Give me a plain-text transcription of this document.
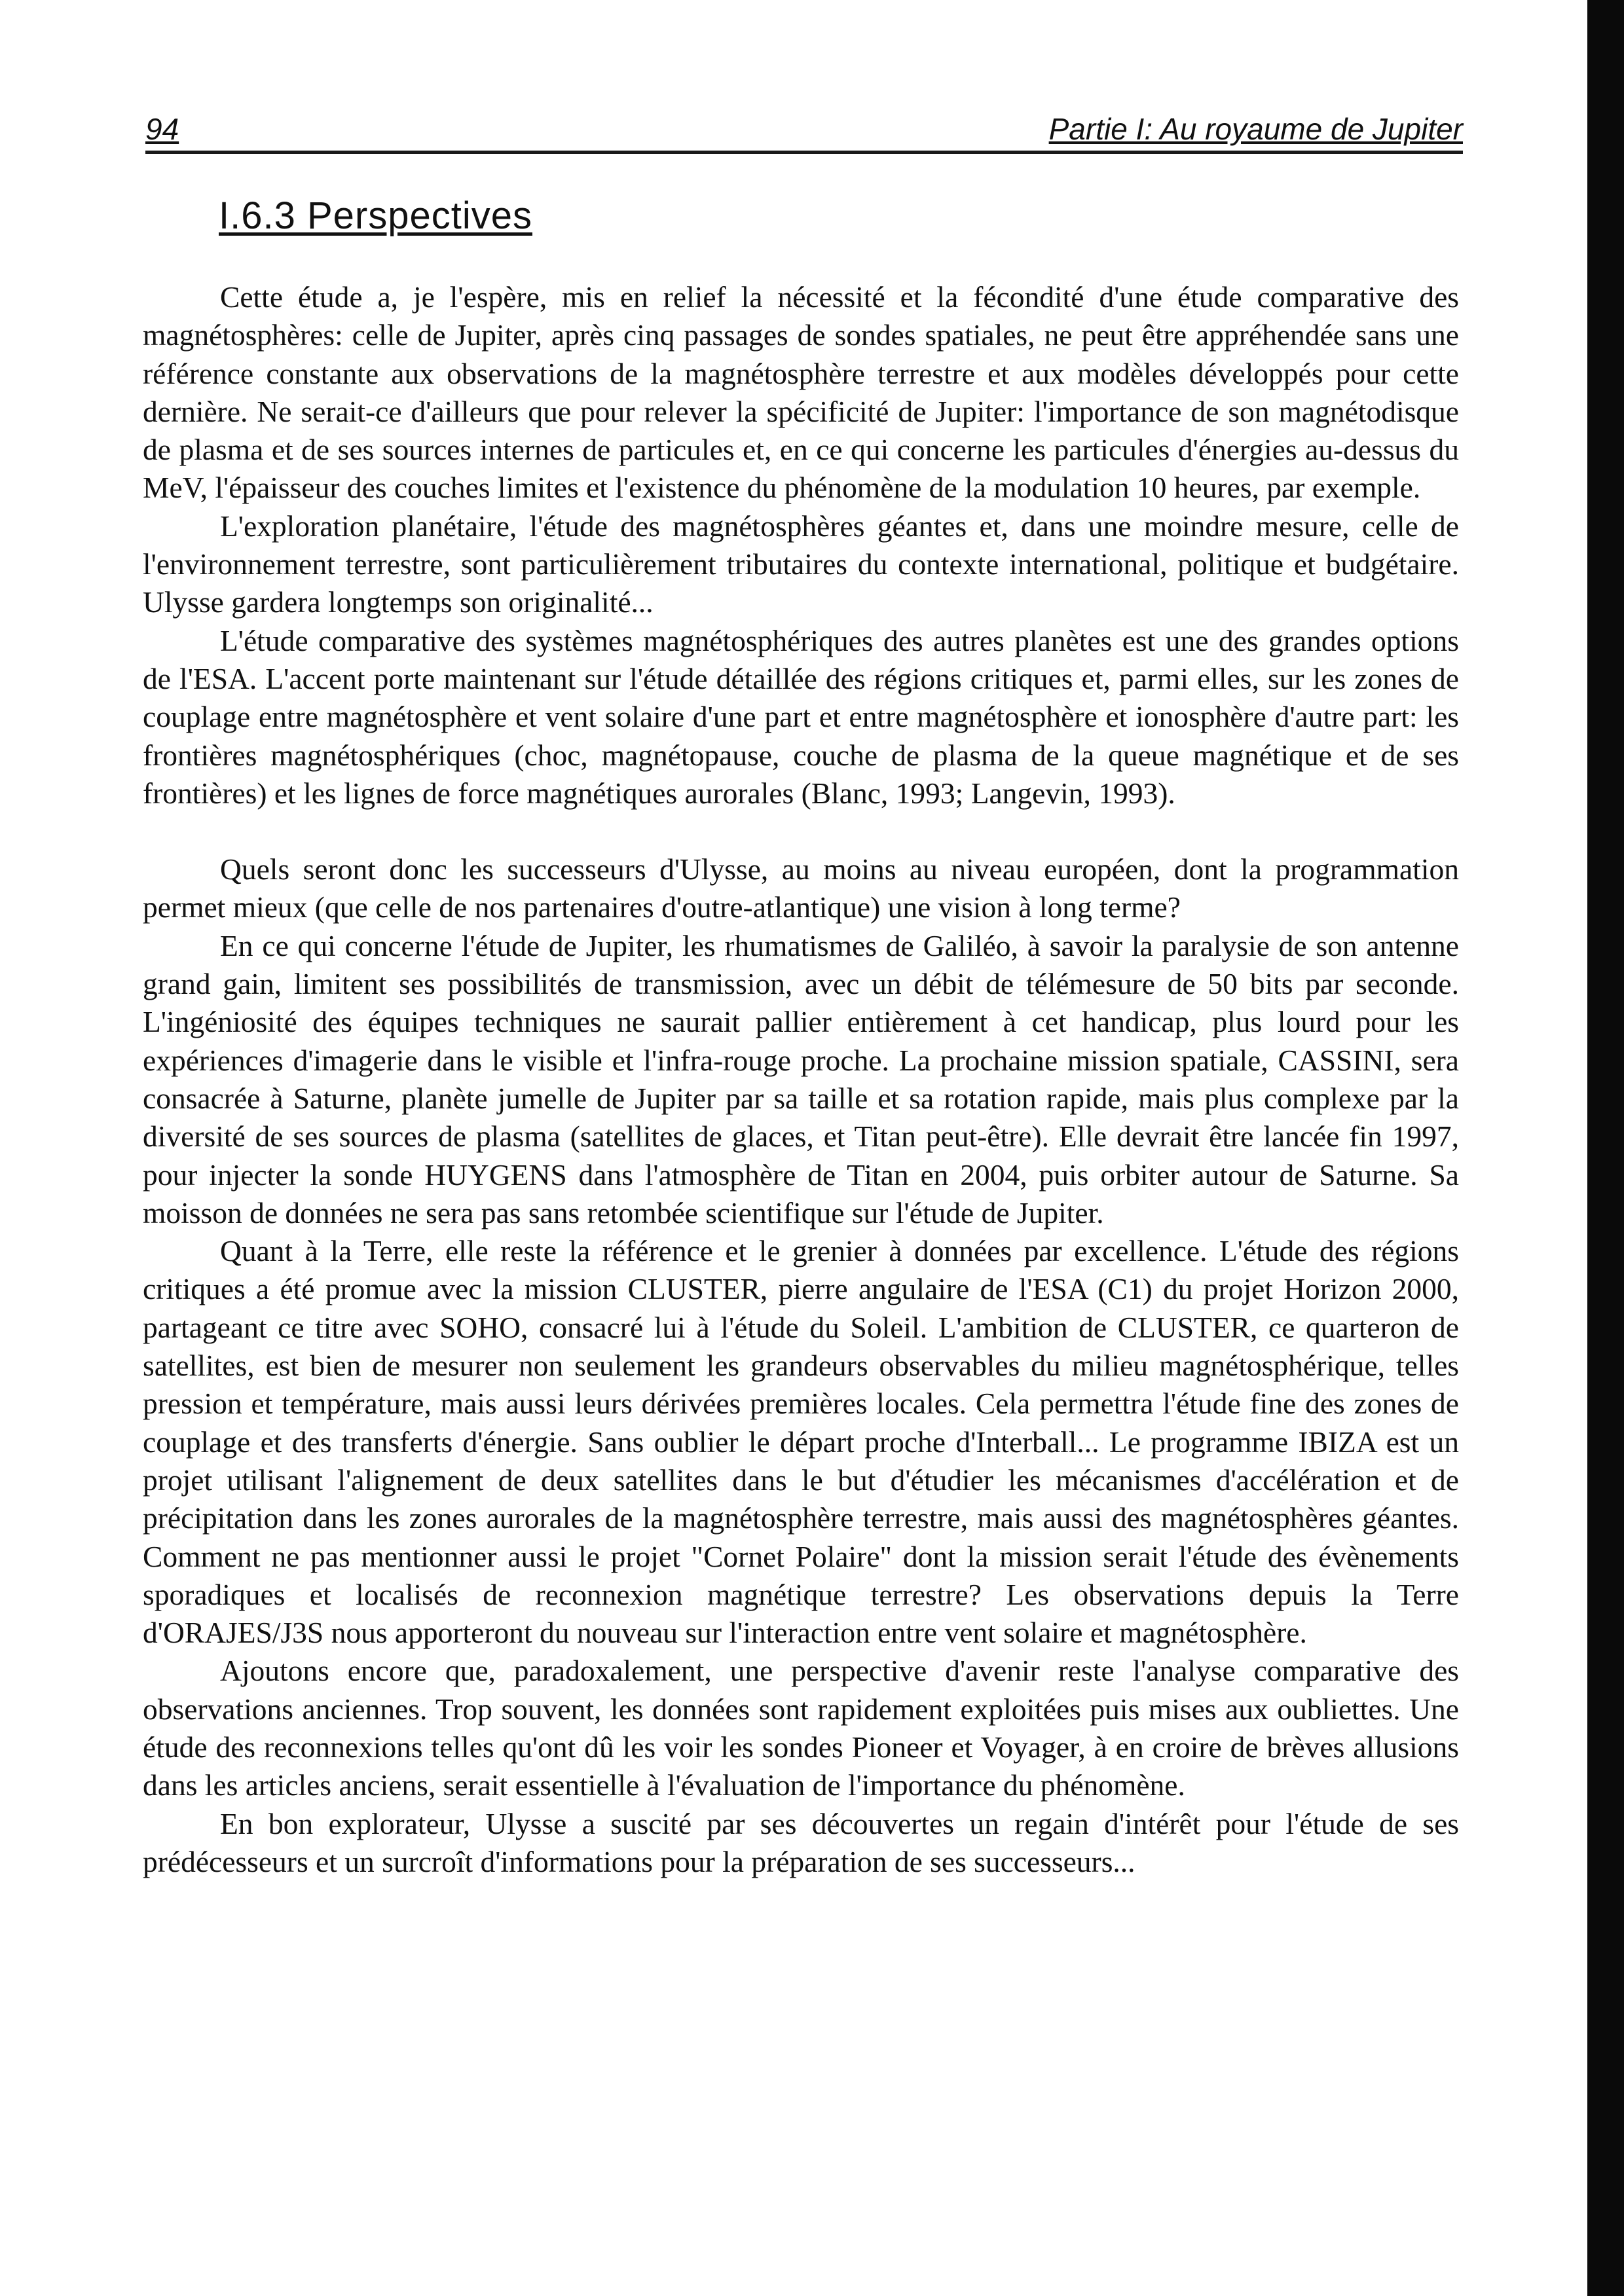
94	Partie I: Au royaume de Jupiter
I.6.3 Perspectives

Cette étude a, je l'espère, mis en relief la nécessité et la fécondité d'une étude comparative des magnétosphères: celle de Jupiter, après cinq passages de sondes spatiales, ne peut être appréhendée sans une référence constante aux observations de la magnétosphère terrestre et aux modèles développés pour cette dernière. Ne serait-ce d'ailleurs que pour relever la spécificité de Jupiter: l'importance de son magnétodisque de plasma et de ses sources internes de particules et, en ce qui concerne les particules d'énergies au-dessus du MeV, l'épaisseur des couches limites et l'existence du phénomène de la modulation 10 heures, par exemple.

L'exploration planétaire, l'étude des magnétosphères géantes et, dans une moindre mesure, celle de l'environnement terrestre, sont particulièrement tributaires du contexte international, politique et budgétaire. Ulysse gardera longtemps son originalité...

L'étude comparative des systèmes magnétosphériques des autres planètes est une des grandes options de l'ESA. L'accent porte maintenant sur l'étude détaillée des régions critiques et, parmi elles, sur les zones de couplage entre magnétosphère et vent solaire d'une part et entre magnétosphère et ionosphère d'autre part: les frontières magnétosphériques (choc, magnétopause, couche de plasma de la queue magnétique et de ses frontières) et les lignes de force magnétiques aurorales (Blanc, 1993; Langevin, 1993).

Quels seront donc les successeurs d'Ulysse, au moins au niveau européen, dont la programmation permet mieux (que celle de nos partenaires d'outre-atlantique) une vision à long terme?

En ce qui concerne l'étude de Jupiter, les rhumatismes de Galiléo, à savoir la paralysie de son antenne grand gain, limitent ses possibilités de transmission, avec un débit de télémesure de 50 bits par seconde. L'ingéniosité des équipes techniques ne saurait pallier entièrement à cet handicap, plus lourd pour les expériences d'imagerie dans le visible et l'infra-rouge proche. La prochaine mission spatiale, CASSINI, sera consacrée à Saturne, planète jumelle de Jupiter par sa taille et sa rotation rapide, mais plus complexe par la diversité de ses sources de plasma (satellites de glaces, et Titan peut-être). Elle devrait être lancée fin 1997, pour injecter la sonde HUYGENS dans l'atmosphère de Titan en 2004, puis orbiter autour de Saturne. Sa moisson de données ne sera pas sans retombée scientifique sur l'étude de Jupiter.

Quant à la Terre, elle reste la référence et le grenier à données par excellence. L'étude des régions critiques a été promue avec la mission CLUSTER, pierre angulaire de l'ESA (C1) du projet Horizon 2000, partageant ce titre avec SOHO, consacré lui à l'étude du Soleil. L'ambition de CLUSTER, ce quarteron de satellites, est bien de mesurer non seulement les grandeurs observables du milieu magnétosphérique, telles pression et température, mais aussi leurs dérivées premières locales. Cela permettra l'étude fine des zones de couplage et des transferts d'énergie. Sans oublier le départ proche d'Interball... Le programme IBIZA est un projet utilisant l'alignement de deux satellites dans le but d'étudier les mécanismes d'accélération et de précipitation dans les zones aurorales de la magnétosphère terrestre, mais aussi des magnétosphères géantes. Comment ne pas mentionner aussi le projet "Cornet Polaire" dont la mission serait l'étude des évènements sporadiques et localisés de reconnexion magnétique terrestre? Les observations depuis la Terre d'ORAJES/J3S nous apporteront du nouveau sur l'interaction entre vent solaire et magnétosphère.

Ajoutons encore que, paradoxalement, une perspective d'avenir reste l'analyse comparative des observations anciennes. Trop souvent, les données sont rapidement exploitées puis mises aux oubliettes. Une étude des reconnexions telles qu'ont dû les voir les sondes Pioneer et Voyager, à en croire de brèves allusions dans les articles anciens, serait essentielle à l'évaluation de l'importance du phénomène.

En bon explorateur, Ulysse a suscité par ses découvertes un regain d'intérêt pour l'étude de ses prédécesseurs et un surcroît d'informations pour la préparation de ses successeurs...
